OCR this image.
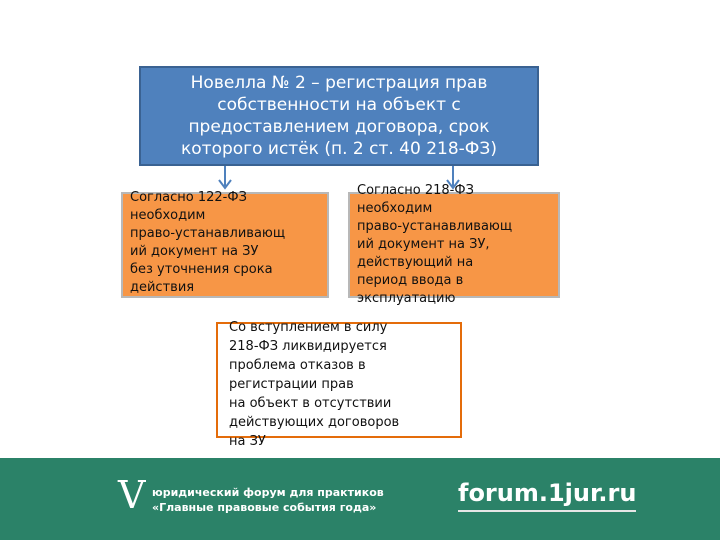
Новелла № 2 – регистрация прав собственности на объект с предоставлением договора, срок которого истёк (п. 2 ст. 40 218-ФЗ)
Согласно 122-ФЗ
необходим
право-устанавливающ
ий документ на ЗУ
без уточнения срока
действия
Согласно 218-ФЗ
необходим
право-устанавливающ
ий документ на ЗУ,
действующий на
период ввода в
эксплуатацию
Со вступлением в силу
218-ФЗ ликвидируется
проблема отказов в
регистрации прав
на объект в отсутствии
действующих договоров
на ЗУ
V юридический форум для практиков
«Главные правовые события года»
forum.1jur.ru
